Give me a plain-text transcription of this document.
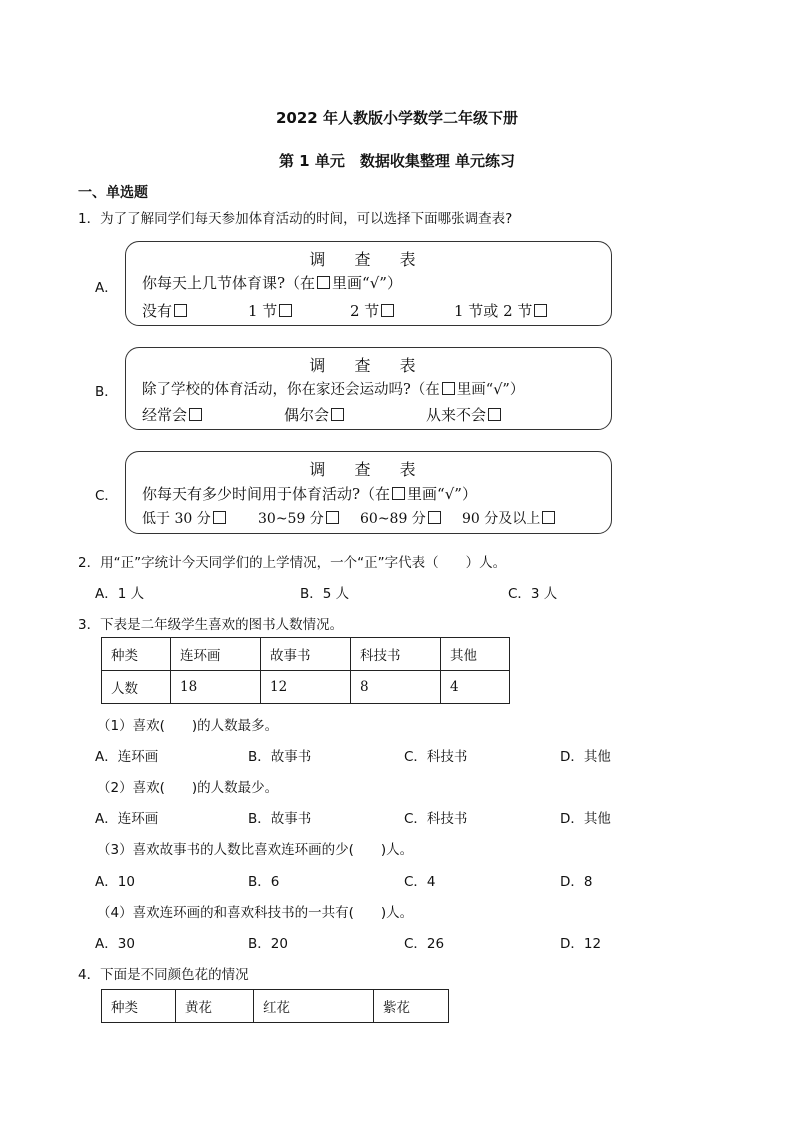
2022 年人教版小学数学二年级下册
第 1 单元　数据收集整理 单元练习
一、单选题
1．为了了解同学们每天参加体育活动的时间，可以选择下面哪张调查表?
A．
调 查 表
你每天上几节体育课?（在 里画“√”）
没有	1 节	2 节	1 节或 2 节
B．
调 查 表
除了学校的体育活动，你在家还会运动吗?（在 里画“√”）
经常会	偶尔会	从来不会
C．
调 查 表
你每天有多少时间用于体育活动?（在 里画“√”）
低于 30 分	30~59 分	60~89 分	90 分及以上
2．用“正”字统计今天同学们的上学情况，一个“正”字代表（　　）人。
A．1 人	B．5 人	C．3 人
3．下表是二年级学生喜欢的图书人数情况。
种类	连环画	故事书	科技书	其他
人数	18	12	8	4
（1）喜欢(　　)的人数最多。
A．连环画	B．故事书	C．科技书	D．其他
（2）喜欢(　　)的人数最少。
A．连环画	B．故事书	C．科技书	D．其他
（3）喜欢故事书的人数比喜欢连环画的少(　　)人。
A．10	B．6	C．4	D．8
（4）喜欢连环画的和喜欢科技书的一共有(　　)人。
A．30	B．20	C．26	D．12
4．下面是不同颜色花的情况
种类	黄花	红花	紫花
